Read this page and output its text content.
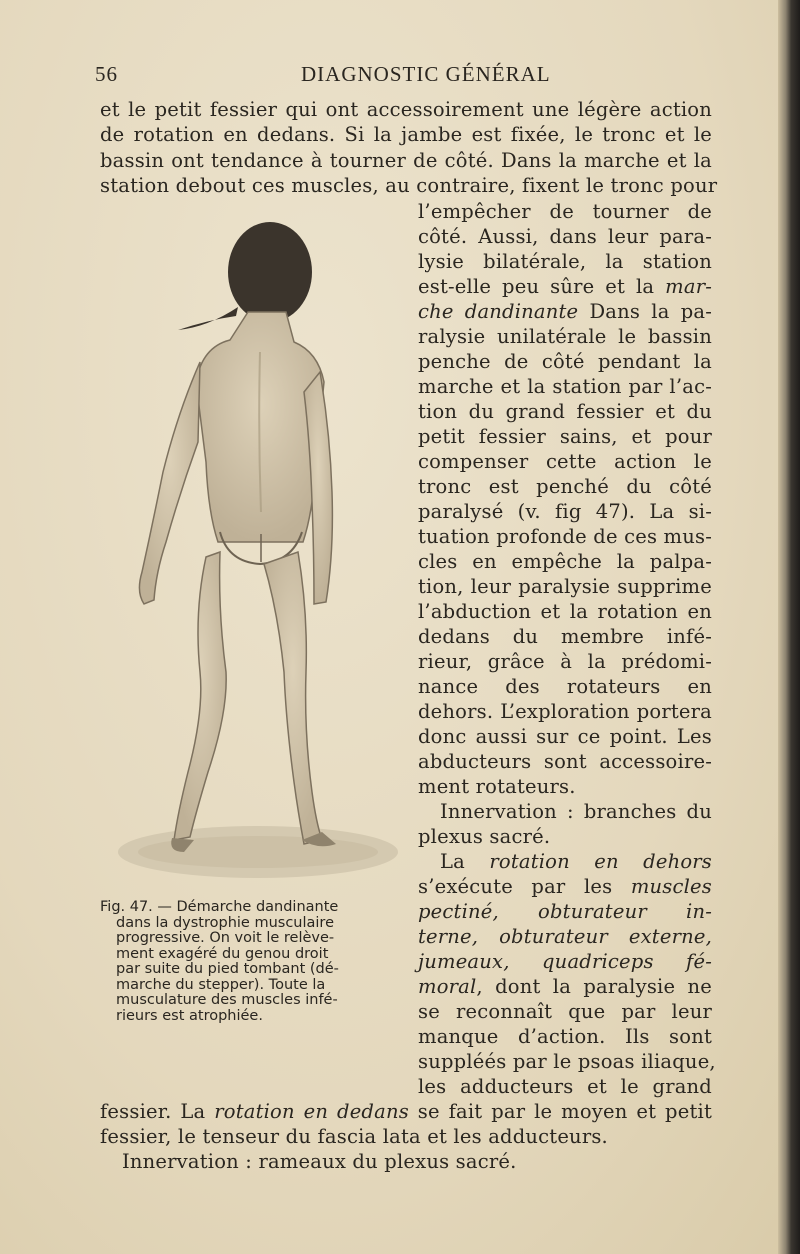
56	DIAGNOSTIC GÉNÉRAL
et le petit fessier qui ont accessoirement une légère action
de rotation en dedans. Si la jambe est fixée, le tronc et le
bassin ont tendance à tourner de côté. Dans la marche et la
station debout ces muscles, au contraire, fixent le tronc pour
l’empêcher de tourner de
côté. Aussi, dans leur para-
lysie bilatérale, la station
est-elle peu sûre et la mar-
che dandinante Dans la pa-
ralysie unilatérale le bassin
penche de côté pendant la
marche et la station par l’ac-
tion du grand fessier et du
petit fessier sains, et pour
compenser cette action le
tronc est penché du côté
paralysé (v. fig 47). La si-
tuation profonde de ces mus-
cles en empêche la palpa-
tion, leur paralysie supprime
l’abduction et la rotation en
dedans du membre infé-
rieur, grâce à la prédomi-
nance des rotateurs en
dehors. L’exploration portera
donc aussi sur ce point. Les
abducteurs sont accessoire-
ment rotateurs.
Innervation : branches du
plexus sacré.
La rotation en dehors
s’exécute par les muscles
pectiné, obturateur in-
terne, obturateur externe,
jumeaux, quadriceps fé-
moral, dont la paralysie ne
se reconnaît que par leur
manque d’action. Ils sont
suppléés par le psoas iliaque,
les adducteurs et le grand
fessier. La rotation en dedans se fait par le moyen et petit
fessier, le tenseur du fascia lata et les adducteurs.
Innervation : rameaux du plexus sacré.
Fig. 47. — Démarche dandinante
dans la dystrophie musculaire
progressive. On voit le relève-
ment exagéré du genou droit
par suite du pied tombant (dé-
marche du stepper). Toute la
musculature des muscles infé-
rieurs est atrophiée.
